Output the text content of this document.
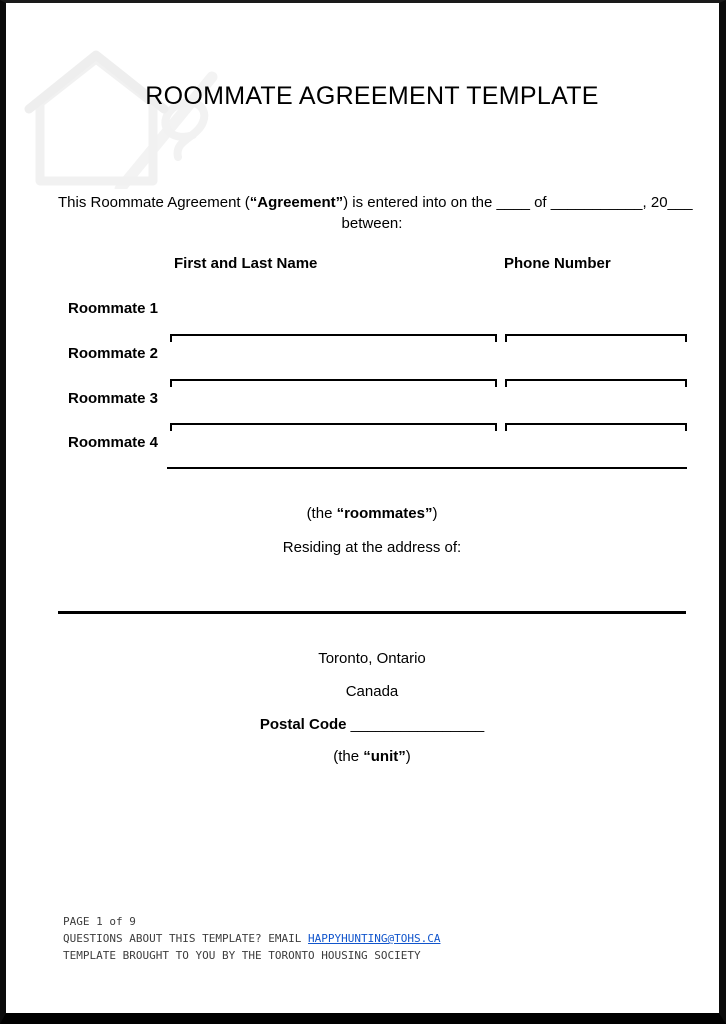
ROOMMATE AGREEMENT TEMPLATE
This Roommate Agreement (“Agreement”) is entered into on the ____ of ___________, 20___
between:
First and Last Name	Phone Number
Roommate 1
Roommate 2
Roommate 3
Roommate 4
(the “roommates”)
Residing at the address of:
Toronto, Ontario
Canada
Postal Code ________________
(the “unit”)
PAGE 1 of 9
QUESTIONS ABOUT THIS TEMPLATE? EMAIL HAPPYHUNTING@TOHS.CA
TEMPLATE BROUGHT TO YOU BY THE TORONTO HOUSING SOCIETY
